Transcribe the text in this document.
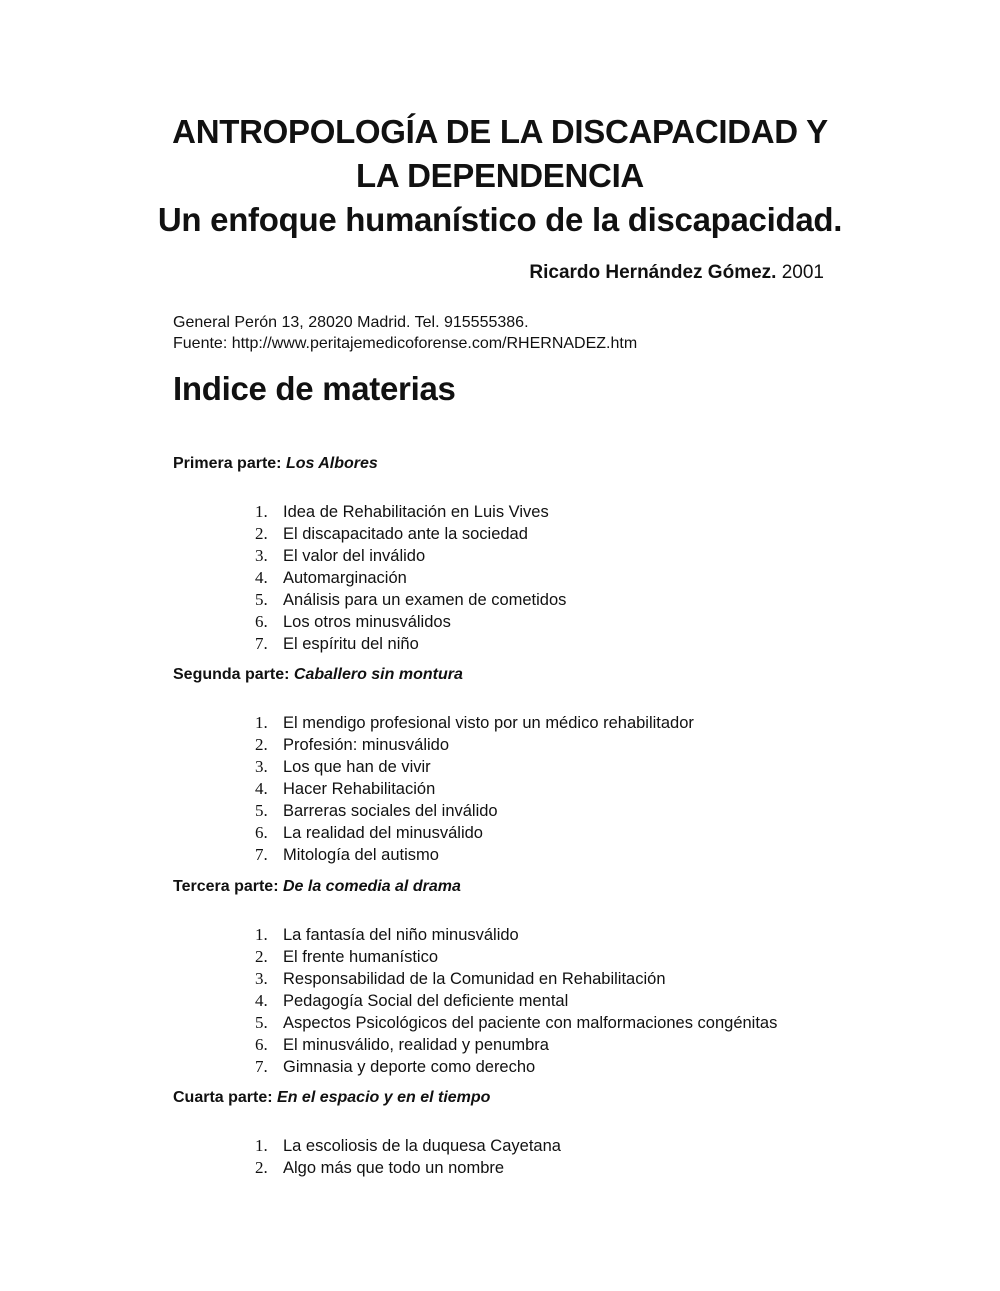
ANTROPOLOGÍA DE LA DISCAPACIDAD Y
LA DEPENDENCIA
Un enfoque humanístico de la discapacidad.
Ricardo Hernández Gómez. 2001
General Perón 13, 28020 Madrid. Tel. 915555386.
Fuente: http://www.peritajemedicoforense.com/RHERNADEZ.htm
Indice de materias
Primera parte: Los Albores
1. Idea de Rehabilitación en Luis Vives
2. El discapacitado ante la sociedad
3. El valor del inválido
4. Automarginación
5. Análisis para un examen de cometidos
6. Los otros minusválidos
7. El espíritu del niño
Segunda parte: Caballero sin montura
1. El mendigo profesional visto por un médico rehabilitador
2. Profesión: minusválido
3. Los que han de vivir
4. Hacer Rehabilitación
5. Barreras sociales del inválido
6. La realidad del minusválido
7. Mitología del autismo
Tercera parte: De la comedia al drama
1. La fantasía del niño minusválido
2. El frente humanístico
3. Responsabilidad de la Comunidad en Rehabilitación
4. Pedagogía Social del deficiente mental
5. Aspectos Psicológicos del paciente con malformaciones congénitas
6. El minusválido, realidad y penumbra
7. Gimnasia y deporte como derecho
Cuarta parte: En el espacio y en el tiempo
1. La escoliosis de la duquesa Cayetana
2. Algo más que todo un nombre
